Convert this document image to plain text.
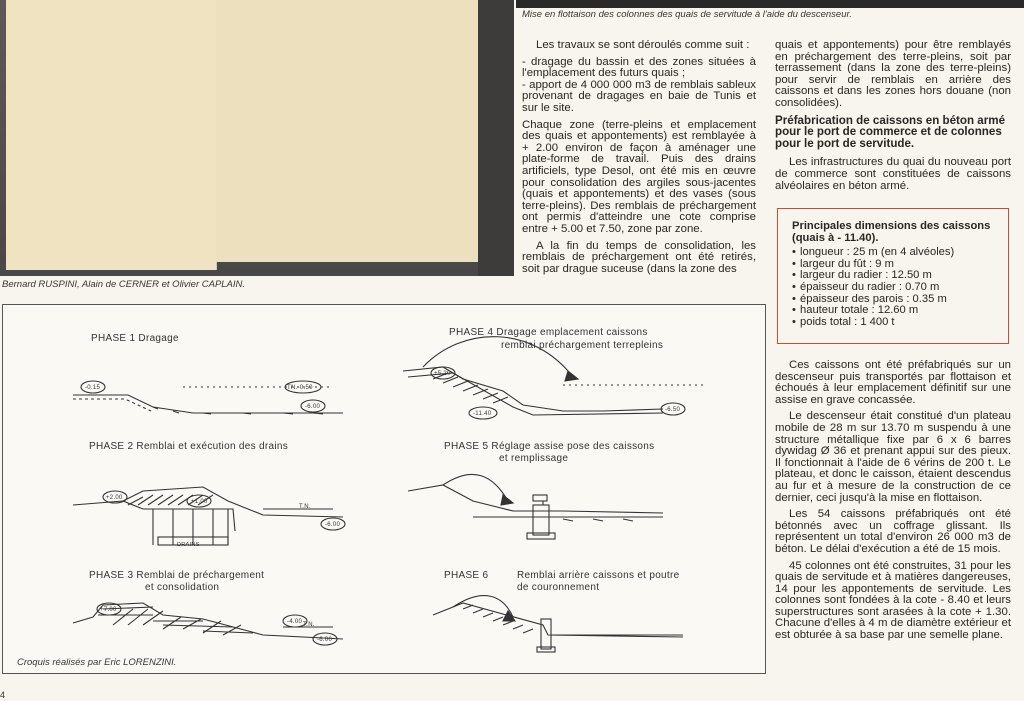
Bernard RUSPINI, Alain de CERNER et Olivier CAPLAIN.
Mise en flottaison des colonnes des quais de servitude à l'aide du descenseur.

Les travaux se sont déroulés comme suit :

- dragage du bassin et des zones situées à l'emplacement des futurs quais ;

- apport de 4 000 000 m3 de remblais sableux provenant de dragages en baie de Tunis et sur le site.

Chaque zone (terre-pleins et emplacement des quais et appontements) est remblayée à + 2.00 environ de façon à aménager une plate-forme de travail. Puis des drains artificiels, type Desol, ont été mis en œuvre pour consolidation des argiles sous-jacentes (quais et appontements) et des vases (sous terre-pleins). Des remblais de préchargement ont permis d'atteindre une cote comprise entre + 5.00 et 7.50, zone par zone.

A la fin du temps de consolidation, les remblais de préchargement ont été retirés, soit par drague suceuse (dans la zone des

quais et appontements) pour être remblayés en préchargement des terre-pleins, soit par terrassement (dans la zone des terre-pleins) pour servir de remblais en arrière des caissons et dans les zones hors douane (non consolidées).

Préfabrication de caissons en béton armé pour le port de commerce et de colonnes pour le port de servitude.

Les infrastructures du quai du nouveau port de commerce sont constituées de caissons alvéolaires en béton armé.

Principales dimensions des caissons (quais à - 11.40).
• longueur : 25 m (en 4 alvéoles)
• largeur du fût : 9 m
• largeur du radier : 12.50 m
• épaisseur du radier : 0.70 m
• épaisseur des parois : 0.35 m
• hauteur totale : 12.60 m
• poids total : 1 400 t

Ces caissons ont été préfabriqués sur un descenseur puis transportés par flottaison et échoués à leur emplacement définitif sur une assise en grave concassée.

Le descenseur était constitué d'un plateau mobile de 28 m sur 13.70 m suspendu à une structure métallique fixe par 6 x 6 barres dywidag Ø 36 et prenant appui sur des pieux. Il fonctionnait à l'aide de 6 vérins de 200 t. Le plateau, et donc le caisson, étaient descendus au fur et à mesure de la construction de ce dernier, ceci jusqu'à la mise en flottaison.

Les 54 caissons préfabriqués ont été bétonnés avec un coffrage glissant. Ils représentent un total d'environ 26 000 m3 de béton. Le délai d'exécution a été de 15 mois.

45 colonnes ont été construites, 31 pour les quais de servitude et à matières dangereuses, 14 pour les appontements de servitude. Les colonnes sont fondées à la cote - 8.40 et leurs superstructures sont arasées à la cote + 1.30. Chacune d'elles à 4 m de diamètre extérieur et est obturée à sa base par une semelle plane.

PHASE 1 Dragage
PHASE 2 Remblai et exécution des drains
PHASE 3 Remblai de préchargement
et consolidation
PHASE 4 Dragage emplacement caissons
remblai préchargement terrepleins
PHASE 5 Réglage assise pose des caissons
et remplissage
PHASE 6	Remblai arrière caissons et poutre
de couronnement
-0.15	TN.-0.50
-6.00
+2.00
+1.00
T.N.
-6.00
DRAINS
+7.00
T.N.
-4.00
-6.00
+5.20
-11.40
-6.50
Croquis réalisés par Eric LORENZINI.
4
